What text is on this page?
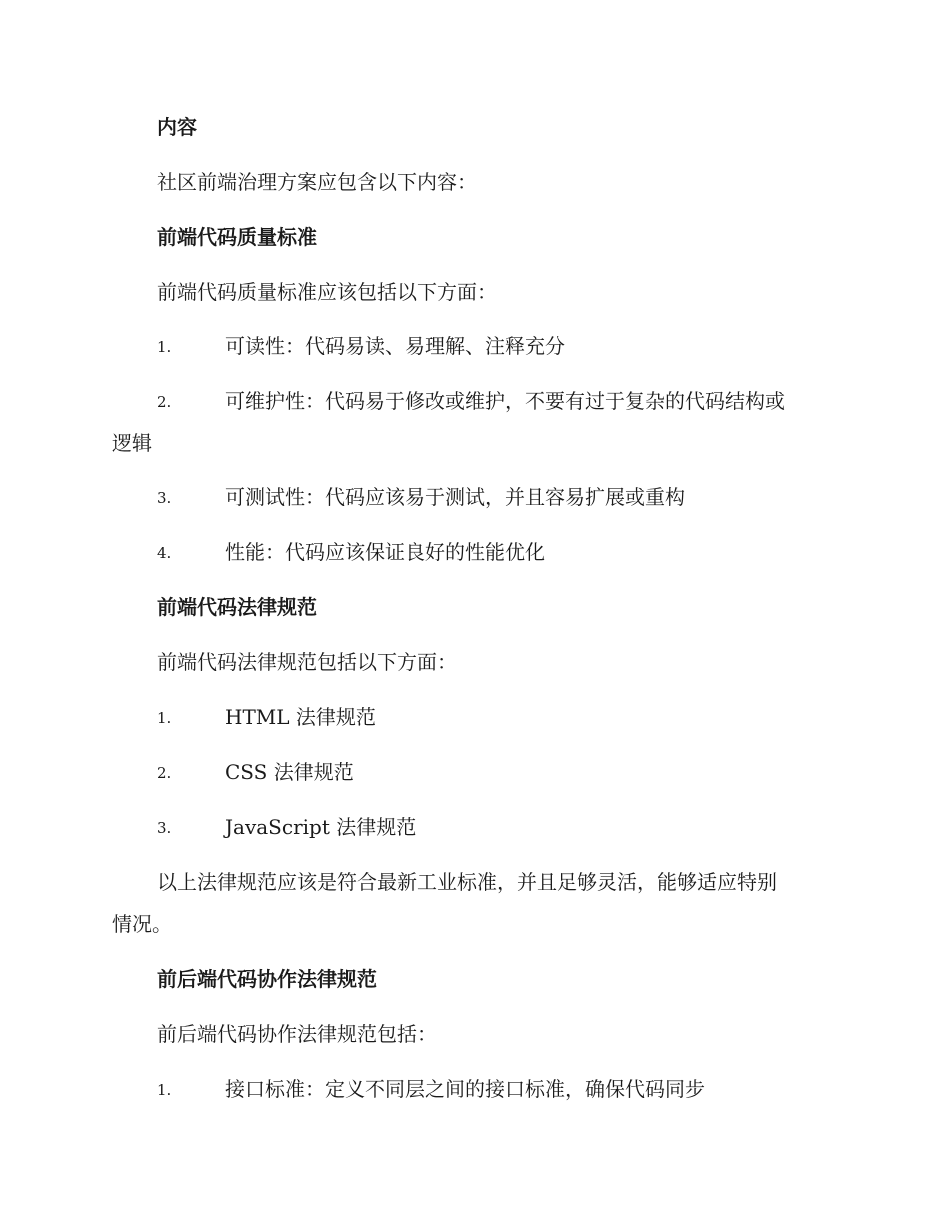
内容
社区前端治理方案应包含以下内容：
前端代码质量标准
前端代码质量标准应该包括以下方面：
1.	可读性：代码易读、易理解、注释充分
2.	可维护性：代码易于修改或维护，不要有过于复杂的代码结构或
逻辑
3.	可测试性：代码应该易于测试，并且容易扩展或重构
4.	性能：代码应该保证良好的性能优化
前端代码法律规范
前端代码法律规范包括以下方面：
1.	HTML 法律规范
2.	CSS 法律规范
3.	JavaScript 法律规范
以上法律规范应该是符合最新工业标准，并且足够灵活，能够适应特别
情况。
前后端代码协作法律规范
前后端代码协作法律规范包括：
1.	接口标准：定义不同层之间的接口标准，确保代码同步
